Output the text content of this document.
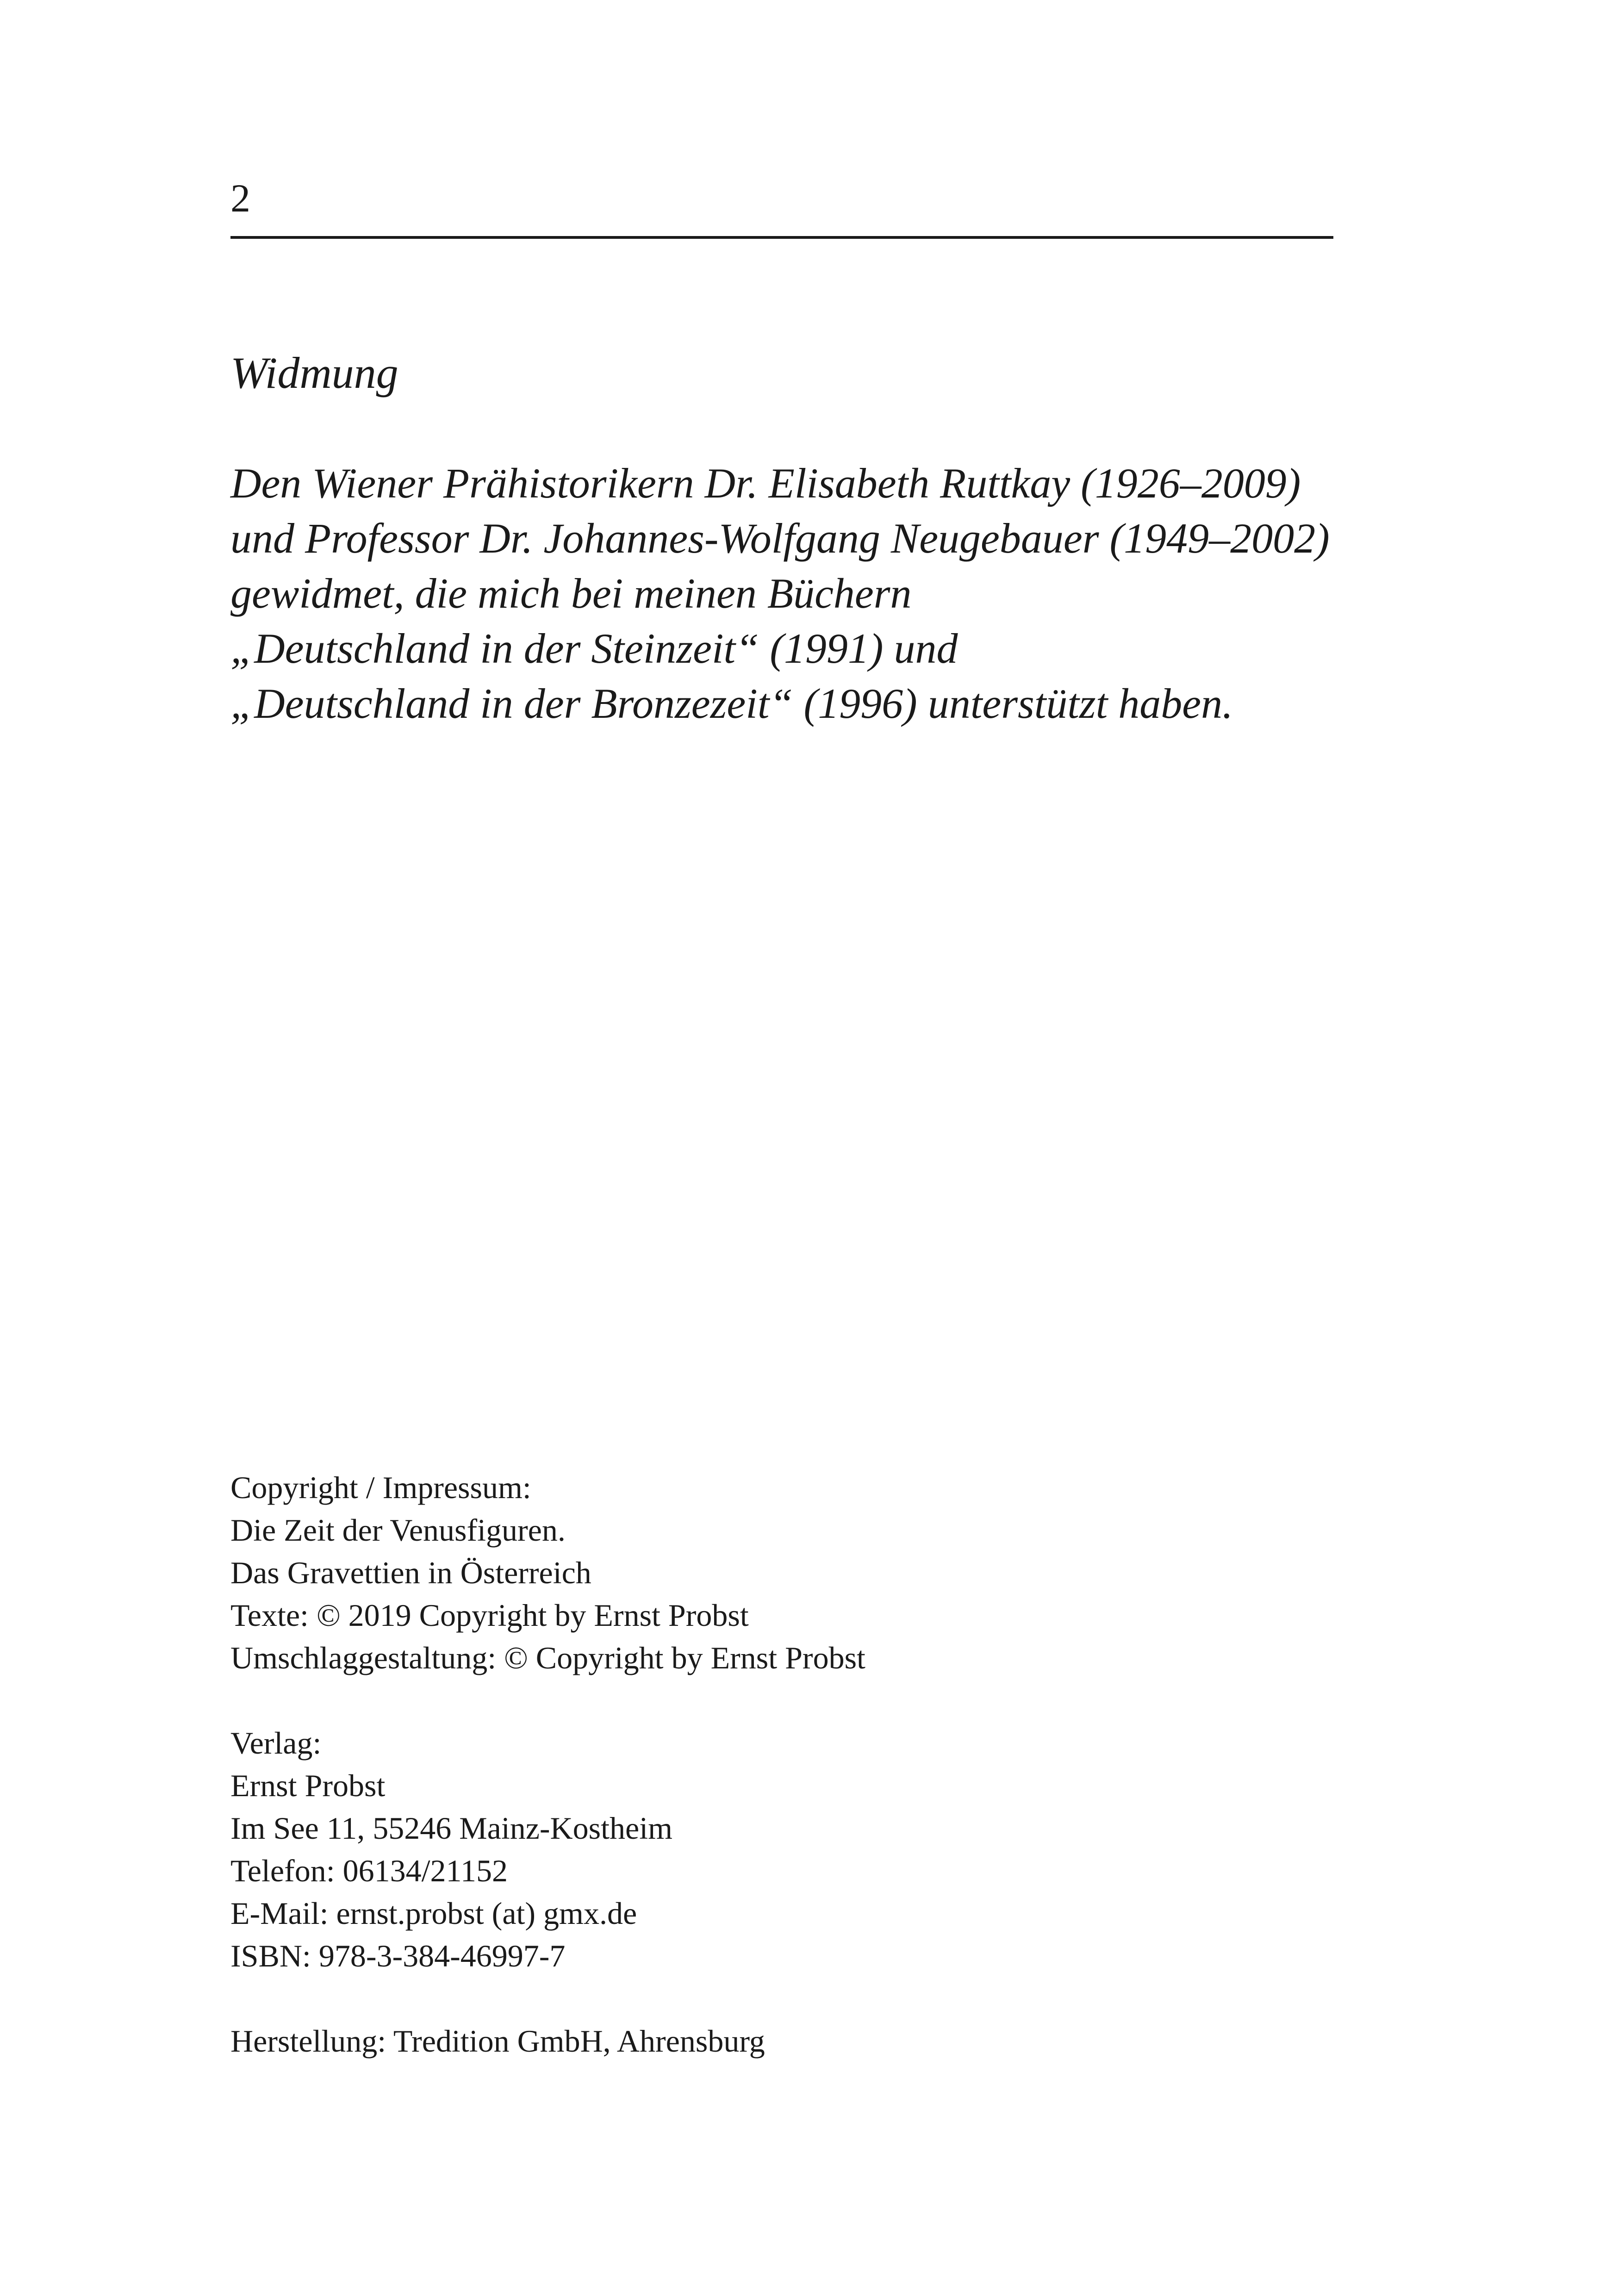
2
Widmung
Den Wiener Prähistorikern Dr. Elisabeth Ruttkay (1926–2009)
und Professor Dr. Johannes-Wolfgang Neugebauer (1949–2002)
gewidmet, die mich bei meinen Büchern
„Deutschland in der Steinzeit“ (1991) und
„Deutschland in der Bronzezeit“ (1996) unterstützt haben.
Copyright / Impressum:
Die Zeit der Venusfiguren.
Das Gravettien in Österreich
Texte: © 2019 Copyright by Ernst Probst
Umschlaggestaltung: © Copyright by Ernst Probst
Verlag:
Ernst Probst
Im See 11, 55246 Mainz-Kostheim
Telefon: 06134/21152
E-Mail: ernst.probst (at) gmx.de
ISBN: 978-3-384-46997-7
Herstellung: Tredition GmbH, Ahrensburg
